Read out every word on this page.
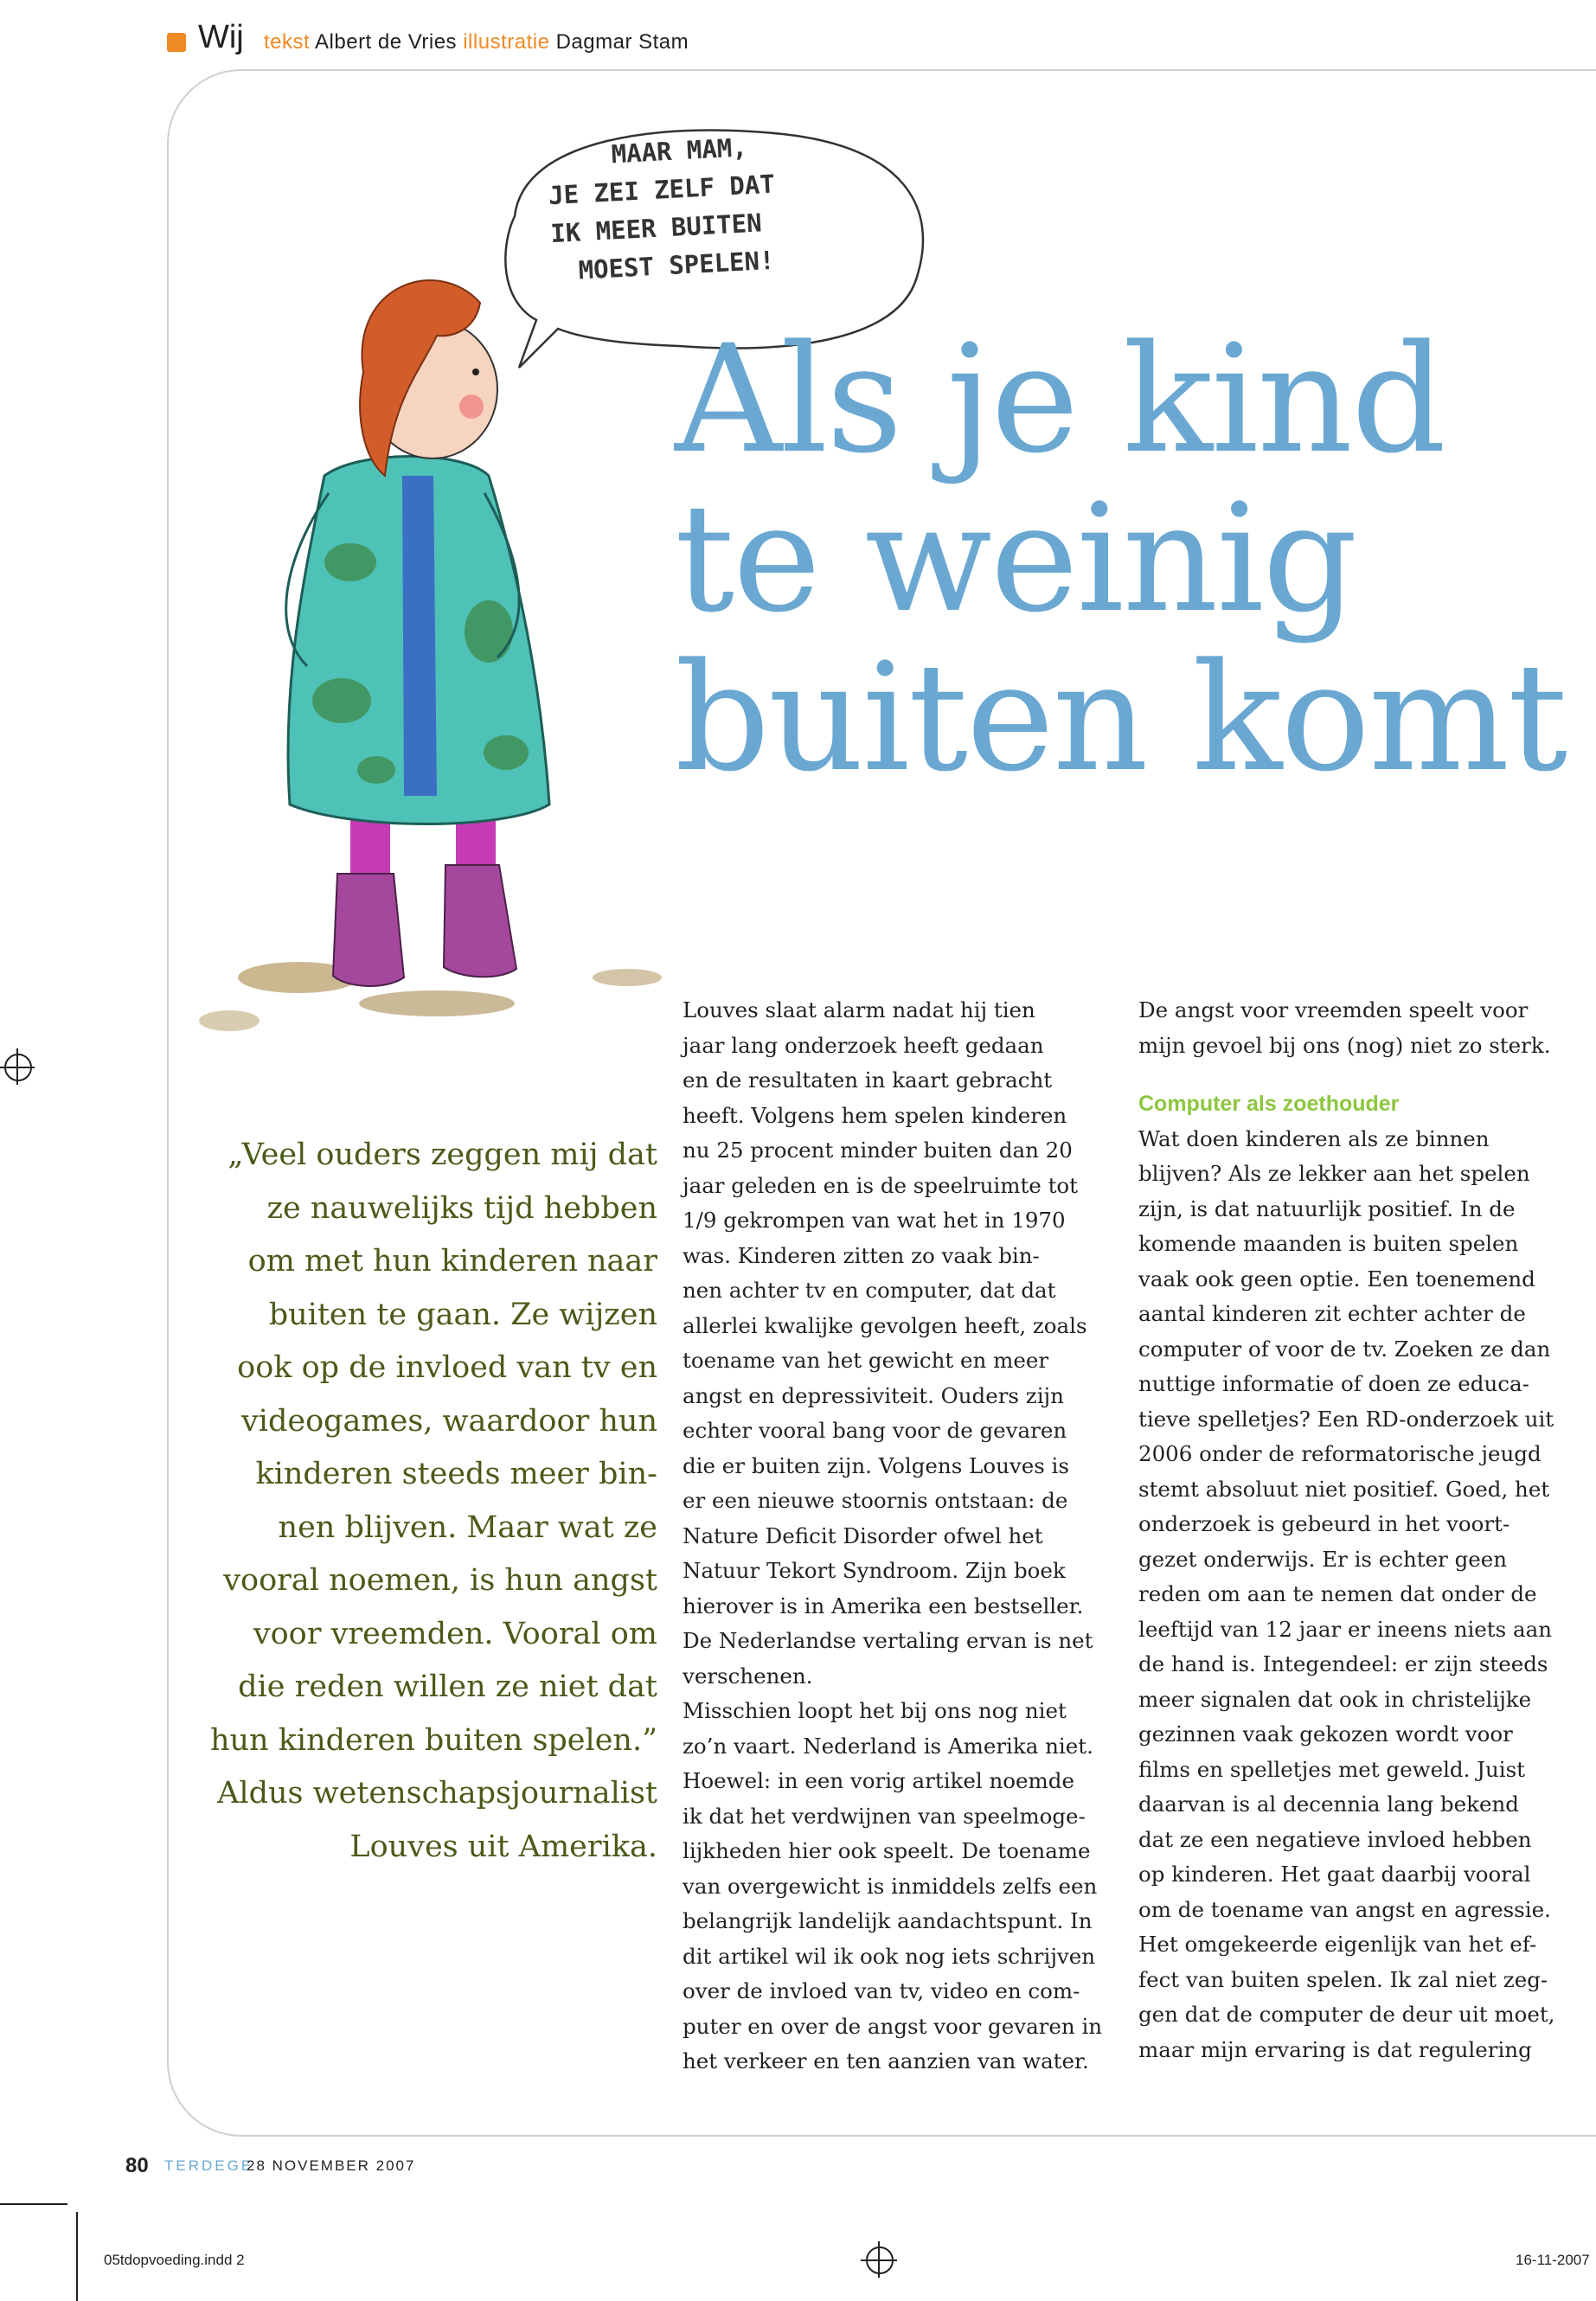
Wij tekst Albert de Vries illustratie Dagmar Stam
MAAR MAM,
JE ZEI ZELF DAT
IK MEER BUITEN
MOEST SPELEN!
Als je kind
te weinig
buiten komt
„Veel ouders zeggen mij dat
ze nauwelijks tijd hebben
om met hun kinderen naar
buiten te gaan. Ze wijzen
ook op de invloed van tv en
videogames, waardoor hun
kinderen steeds meer bin-
nen blijven. Maar wat ze
vooral noemen, is hun angst
voor vreemden. Vooral om
die reden willen ze niet dat
hun kinderen buiten spelen.”
Aldus wetenschapsjournalist
Louves uit Amerika.
Louves slaat alarm nadat hij tien
jaar lang onderzoek heeft gedaan
en de resultaten in kaart gebracht
heeft. Volgens hem spelen kinderen
nu 25 procent minder buiten dan 20
jaar geleden en is de speelruimte tot
1/9 gekrompen van wat het in 1970
was. Kinderen zitten zo vaak bin-
nen achter tv en computer, dat dat
allerlei kwalijke gevolgen heeft, zoals
toename van het gewicht en meer
angst en depressiviteit. Ouders zijn
echter vooral bang voor de gevaren
die er buiten zijn. Volgens Louves is
er een nieuwe stoornis ontstaan: de
Nature Deficit Disorder ofwel het
Natuur Tekort Syndroom. Zijn boek
hierover is in Amerika een bestseller.
De Nederlandse vertaling ervan is net
verschenen.
Misschien loopt het bij ons nog niet
zo’n vaart. Nederland is Amerika niet.
Hoewel: in een vorig artikel noemde
ik dat het verdwijnen van speelmoge-
lijkheden hier ook speelt. De toename
van overgewicht is inmiddels zelfs een
belangrijk landelijk aandachtspunt. In
dit artikel wil ik ook nog iets schrijven
over de invloed van tv, video en com-
puter en over de angst voor gevaren in
het verkeer en ten aanzien van water.
De angst voor vreemden speelt voor
mijn gevoel bij ons (nog) niet zo sterk.
Computer als zoethouder
Wat doen kinderen als ze binnen
blijven? Als ze lekker aan het spelen
zijn, is dat natuurlijk positief. In de
komende maanden is buiten spelen
vaak ook geen optie. Een toenemend
aantal kinderen zit echter achter de
computer of voor de tv. Zoeken ze dan
nuttige informatie of doen ze educa-
tieve spelletjes? Een RD-onderzoek uit
2006 onder de reformatorische jeugd
stemt absoluut niet positief. Goed, het
onderzoek is gebeurd in het voort-
gezet onderwijs. Er is echter geen
reden om aan te nemen dat onder de
leeftijd van 12 jaar er ineens niets aan
de hand is. Integendeel: er zijn steeds
meer signalen dat ook in christelijke
gezinnen vaak gekozen wordt voor
films en spelletjes met geweld. Juist
daarvan is al decennia lang bekend
dat ze een negatieve invloed hebben
op kinderen. Het gaat daarbij vooral
om de toename van angst en agressie.
Het omgekeerde eigenlijk van het ef-
fect van buiten spelen. Ik zal niet zeg-
gen dat de computer de deur uit moet,
maar mijn ervaring is dat regulering
80 TERDEGE
28 NOVEMBER 2007
05tdopvoeding.indd 2	16-11-2007
